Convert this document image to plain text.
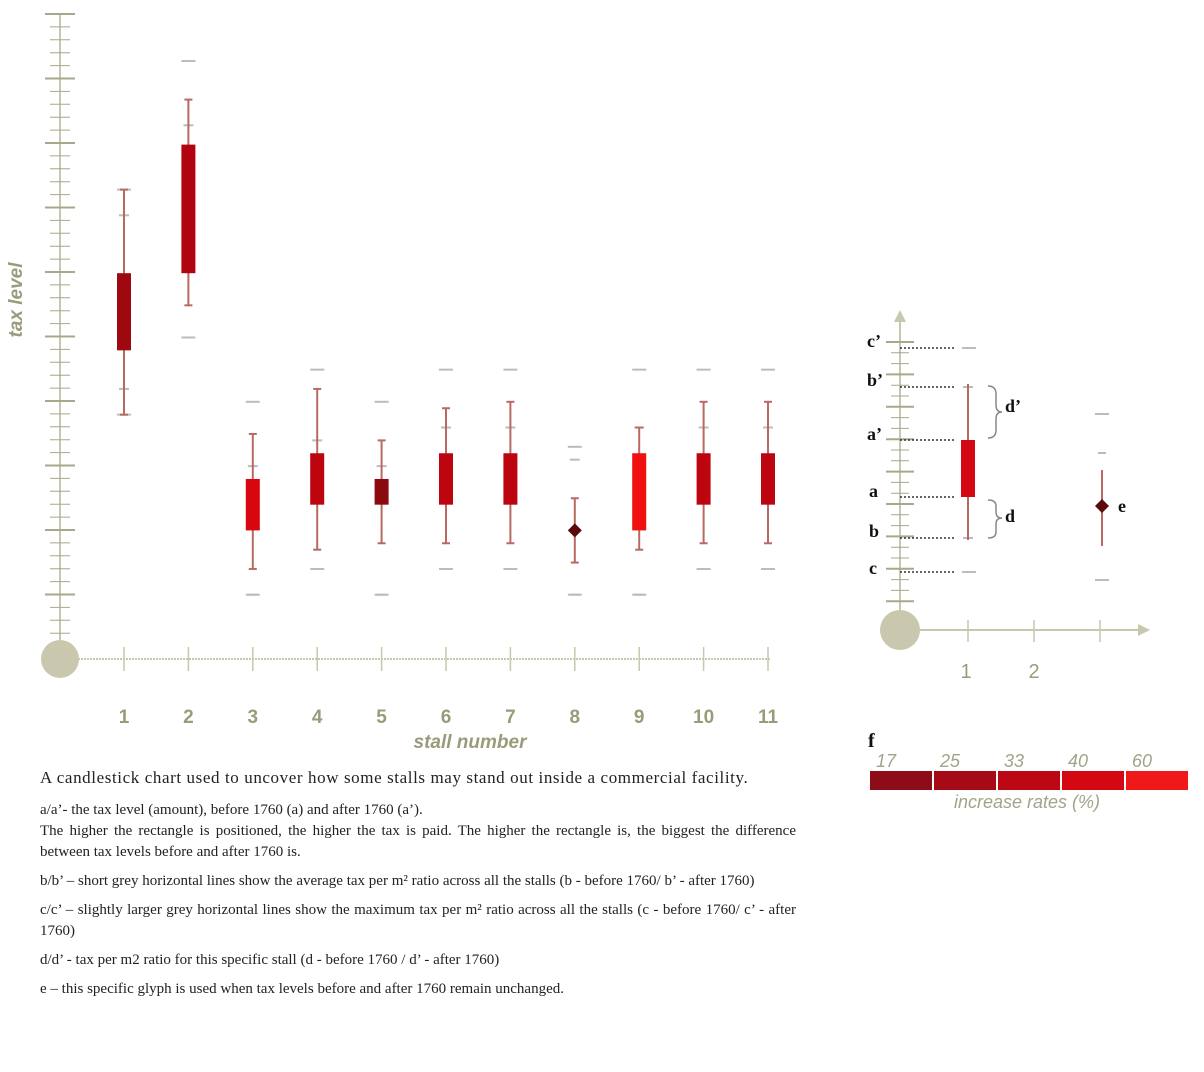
1	2	3	4	5	6	7	8	9	10 11
tax level
stall number
1	2
c’
b’
a’
a
b
c
d’
d	e
f
17 25 33 40 60
increase rates (%)

A candlestick chart used to uncover how some stalls may stand out inside a commercial facility.

a/a’- the tax level (amount), before 1760 (a) and after 1760 (a’).

The higher the rectangle is positioned, the higher the tax is paid. The higher the rectangle is, the biggest the difference between tax levels before and after 1760 is.

b/b’ – short grey horizontal lines show the average tax per m² ratio across all the stalls (b - before 1760/ b’ - after 1760)

c/c’ – slightly larger grey horizontal lines show the maximum tax per m² ratio across all the stalls (c - before 1760/ c’ - after 1760)

d/d’ - tax per m2 ratio for this specific stall (d - before 1760 / d’ - after 1760)

e – this specific glyph is used when tax levels before and after 1760 remain unchanged.
